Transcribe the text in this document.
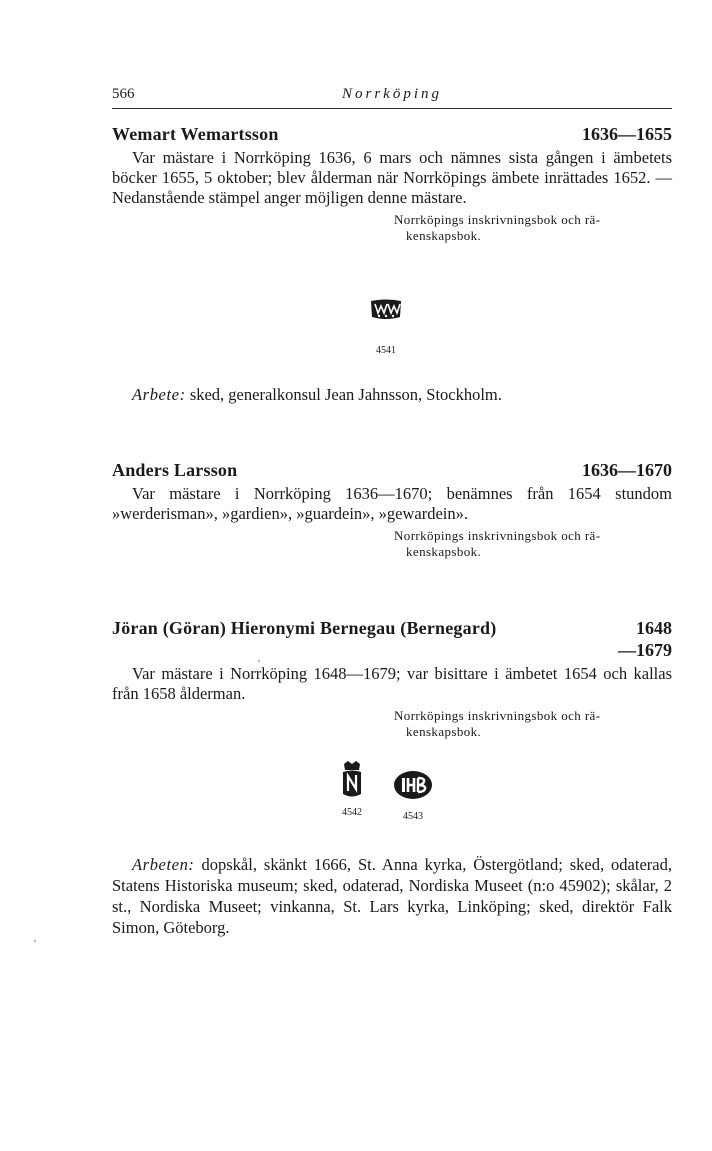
566	Norrköping
Wemart Wemartsson	1636—1655

Var mästare i Norrköping 1636, 6 mars och nämnes sista gången i ämbetets böcker 1655, 5 oktober; blev ålderman när Norrköpings ämbete inrättades 1652. — Nedanstående stämpel anger möjligen denne mästare.

Norrköpings inskrivningsbok och rä-
kenskapsbok.
4541

Arbete: sked, generalkonsul Jean Jahnsson, Stockholm.

Anders Larsson	1636—1670

Var mästare i Norrköping 1636—1670; benämnes från 1654 stundom »werderisman», »gardien», »guardein», »gewardein».

Norrköpings inskrivningsbok och rä-
kenskapsbok.
Jöran (Göran) Hieronymi Bernegau (Bernegard)	1648
—1679

Var mästare i Norrköping 1648—1679; var bisittare i ämbetet 1654 och kallas från 1658 ålderman.

Norrköpings inskrivningsbok och rä-
kenskapsbok.
4542	4543

Arbeten: dopskål, skänkt 1666, St. Anna kyrka, Östergötland; sked, odaterad, Statens Historiska museum; sked, odaterad, Nordiska Museet (n:o 45902); skålar, 2 st., Nordiska Museet; vinkanna, St. Lars kyrka, Linköping; sked, direktör Falk Simon, Göteborg.
